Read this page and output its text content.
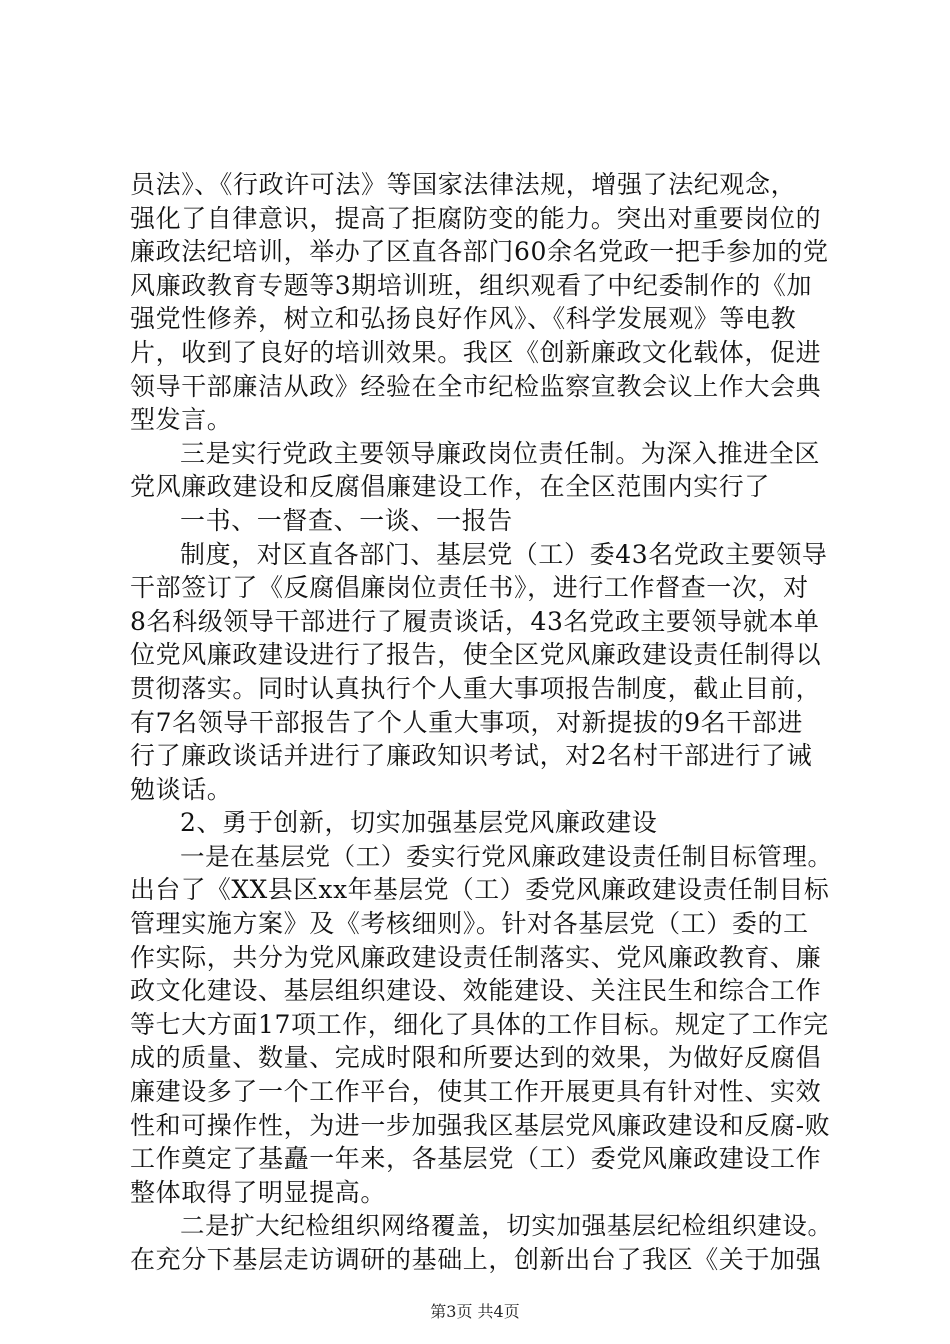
员法》、《行政许可法》等国家法律法规，增强了法纪观念，
强化了自律意识，提高了拒腐防变的能力。突出对重要岗位的
廉政法纪培训，举办了区直各部门60余名党政一把手参加的党
风廉政教育专题等3期培训班，组织观看了中纪委制作的《加
强党性修养，树立和弘扬良好作风》、《科学发展观》等电教
片，收到了良好的培训效果。我区《创新廉政文化载体，促进
领导干部廉洁从政》经验在全市纪检监察宣教会议上作大会典
型发言。
三是实行党政主要领导廉政岗位责任制。为深入推进全区
党风廉政建设和反腐倡廉建设工作，在全区范围内实行了
一书、一督查、一谈、一报告
制度，对区直各部门、基层党（工）委43名党政主要领导
干部签订了《反腐倡廉岗位责任书》，进行工作督查一次，对
8名科级领导干部进行了履责谈话，43名党政主要领导就本单
位党风廉政建设进行了报告，使全区党风廉政建设责任制得以
贯彻落实。同时认真执行个人重大事项报告制度，截止目前，
有7名领导干部报告了个人重大事项，对新提拔的9名干部进
行了廉政谈话并进行了廉政知识考试，对2名村干部进行了诫
勉谈话。
2、勇于创新，切实加强基层党风廉政建设
一是在基层党（工）委实行党风廉政建设责任制目标管理。
出台了《XX县区xx年基层党（工）委党风廉政建设责任制目标
管理实施方案》及《考核细则》。针对各基层党（工）委的工
作实际，共分为党风廉政建设责任制落实、党风廉政教育、廉
政文化建设、基层组织建设、效能建设、关注民生和综合工作
等七大方面17项工作，细化了具体的工作目标。规定了工作完
成的质量、数量、完成时限和所要达到的效果，为做好反腐倡
廉建设多了一个工作平台，使其工作开展更具有针对性、实效
性和可操作性，为进一步加强我区基层党风廉政建设和反腐-败
工作奠定了基矗一年来，各基层党（工）委党风廉政建设工作
整体取得了明显提高。
二是扩大纪检组织网络覆盖，切实加强基层纪检组织建设。
在充分下基层走访调研的基础上，创新出台了我区《关于加强
第3页 共4页
